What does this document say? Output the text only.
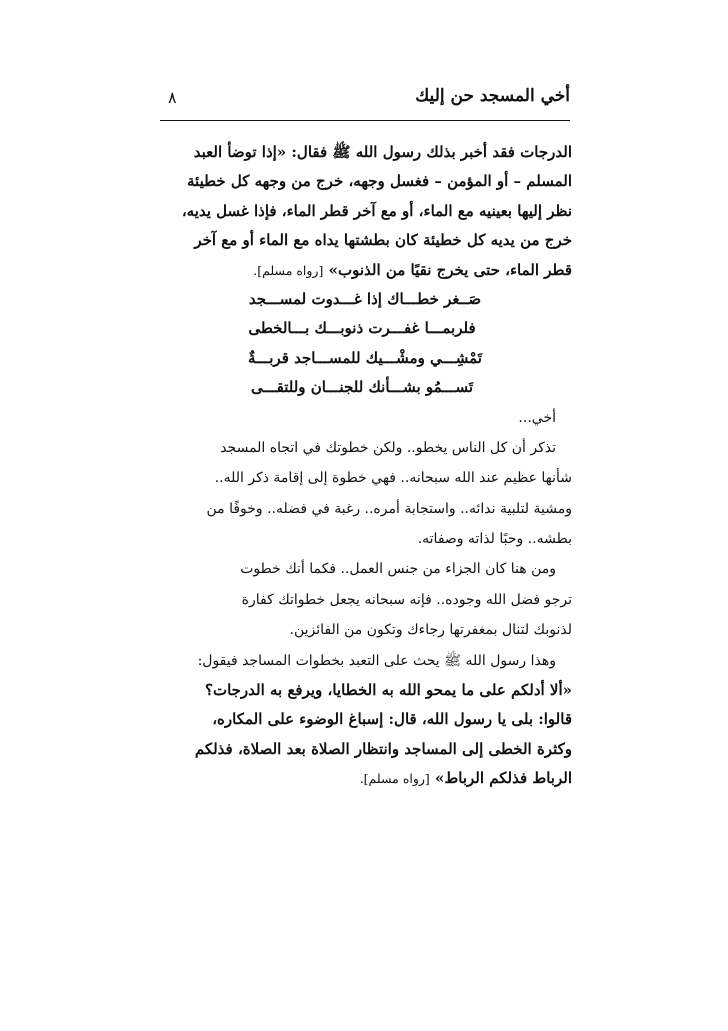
أخي المسجد حن إليك
٨
الدرجات فقد أخبر بذلك رسول الله ﷺ فقال: «إذا توضأ العبد
المسلم – أو المؤمن – فغسل وجهه، خرج من وجهه كل خطيئة
نظر إليها بعينيه مع الماء، أو مع آخر قطر الماء، فإذا غسل يديه،
خرج من يديه كل خطيئة كان بطشتها يداه مع الماء أو مع آخر
قطر الماء، حتى يخرج نقيًا من الذنوب» [رواه مسلم].
صَــغر خطـــاك إذا غـــدوت لمســـجد
فلربمـــا غفـــرت ذنوبـــك بـــالخطى
تَمْشِـــي ومشْـــيك للمســـاجد قربـــةٌ
تَســـمُو بشـــأنك للجنـــان وللتقـــى
أخي...
تذكر أن كل الناس يخطو.. ولكن خطوتك في اتجاه المسجد
شأنها عظيم عند الله سبحانه.. فهي خطوة إلى إقامة ذكر الله..
ومشية لتلبية ندائه.. واستجابة أمره.. رغبة في فضله.. وخوفًا من
بطشه.. وحبًا لذاته وصفاته.
ومن هنا كان الجزاء من جنس العمل.. فكما أنك خطوت
ترجو فضل الله وجوده.. فإنه سبحانه يجعل خطواتك كفارة
لذنوبك لتنال بمغفرتها رجاءك وتكون من الفائزين.
وهذا رسول الله ﷺ يحث على التعبد بخطوات المساجد فيقول:
«ألا أدلكم على ما يمحو الله به الخطايا، ويرفع به الدرجات؟
قالوا: بلى يا رسول الله، قال: إسباغ الوضوء على المكاره،
وكثرة الخطى إلى المساجد وانتظار الصلاة بعد الصلاة، فذلكم
الرباط فذلكم الرباط» [رواه مسلم].
